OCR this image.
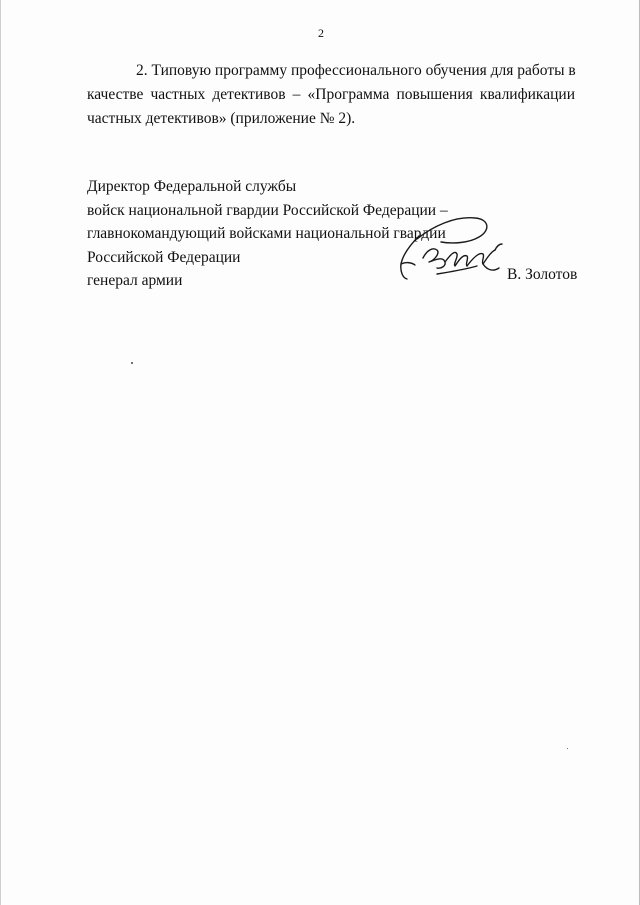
2
2. Типовую программу профессионального обучения для работы в
качестве частных детективов – «Программа повышения квалификации
частных детективов» (приложение № 2).
Директор Федеральной службы
войск национальной гвардии Российской Федерации –
главнокомандующий войсками национальной гвардии
Российской Федерации
генерал армии	В. Золотов
